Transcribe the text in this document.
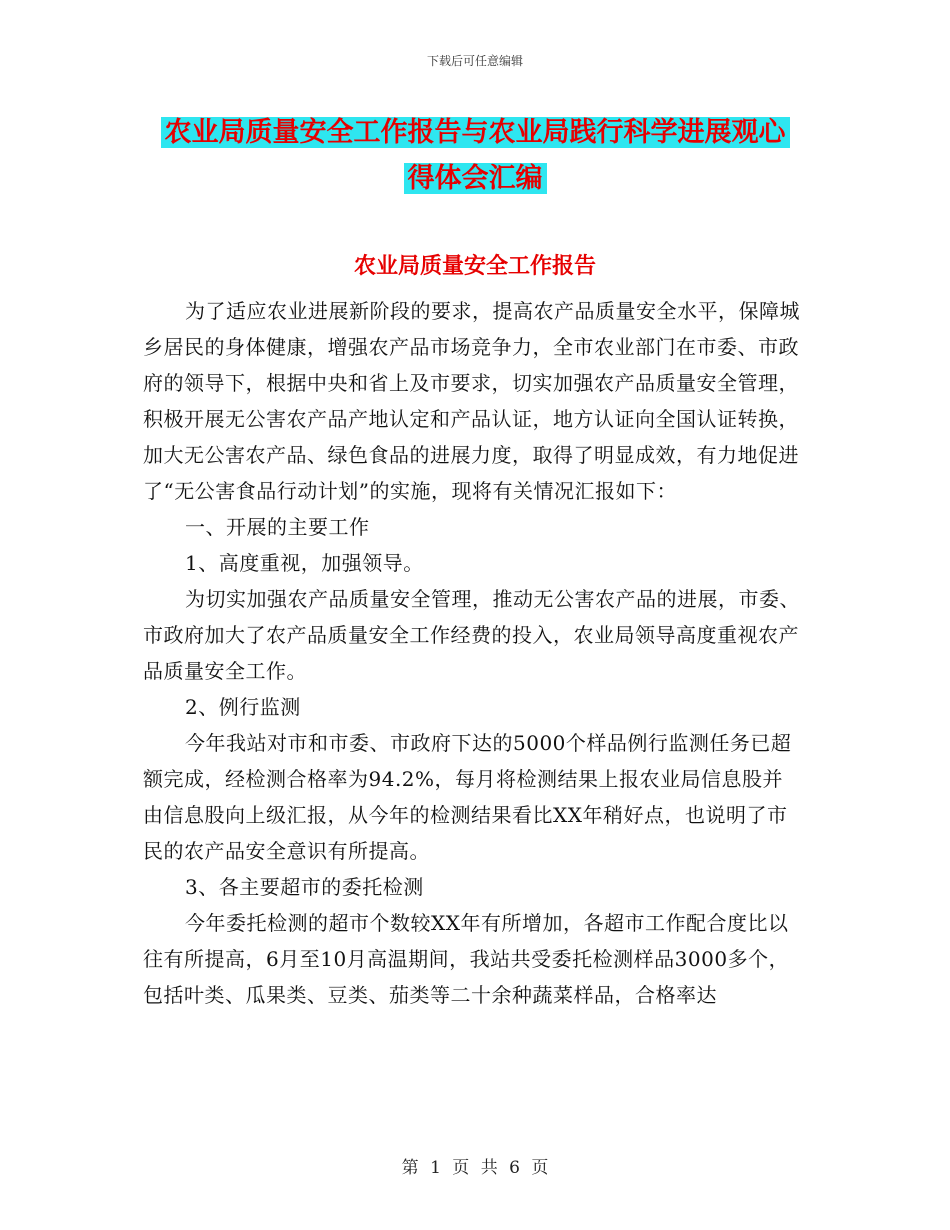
下载后可任意编辑
农业局质量安全工作报告与农业局践行科学进展观心
得体会汇编
农业局质量安全工作报告

为了适应农业进展新阶段的要求，提高农产品质量安全水平，保障城乡居民的身体健康，增强农产品市场竞争力，全市农业部门在市委、市政府的领导下，根据中央和省上及市要求，切实加强农产品质量安全管理，积极开展无公害农产品产地认定和产品认证，地方认证向全国认证转换，加大无公害农产品、绿色食品的进展力度，取得了明显成效，有力地促进了“无公害食品行动计划”的实施，现将有关情况汇报如下：

一、开展的主要工作

1、高度重视，加强领导。

为切实加强农产品质量安全管理，推动无公害农产品的进展，市委、市政府加大了农产品质量安全工作经费的投入，农业局领导高度重视农产品质量安全工作。

2、例行监测

今年我站对市和市委、市政府下达的5000个样品例行监测任务已超额完成，经检测合格率为94.2%，每月将检测结果上报农业局信息股并由信息股向上级汇报，从今年的检测结果看比XX年稍好点，也说明了市民的农产品安全意识有所提高。

3、各主要超市的委托检测

今年委托检测的超市个数较XX年有所增加，各超市工作配合度比以往有所提高，6月至10月高温期间，我站共受委托检测样品3000多个，包括叶类、瓜果类、豆类、茄类等二十余种蔬菜样品，合格率达

第 1 页 共 6 页
